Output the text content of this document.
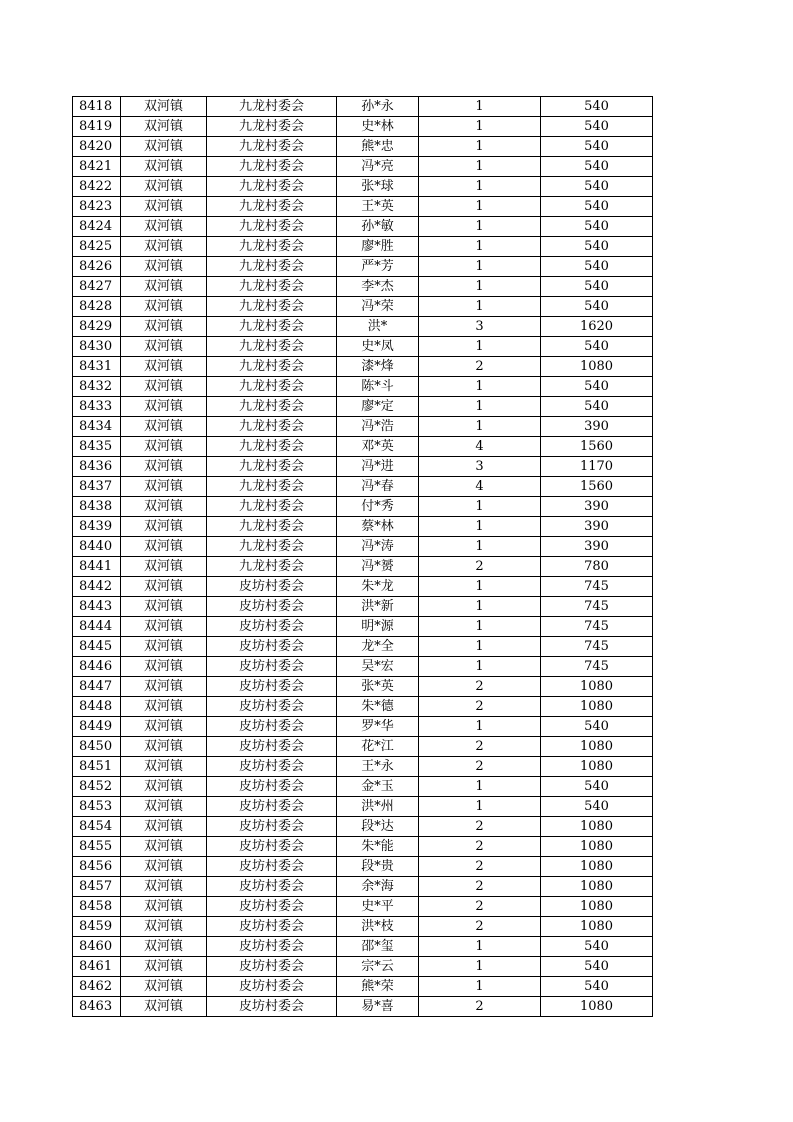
8418	双河镇	九龙村委会	孙*永	1	540
8419	双河镇	九龙村委会	史*林	1	540
8420	双河镇	九龙村委会	熊*忠	1	540
8421	双河镇	九龙村委会	冯*亮	1	540
8422	双河镇	九龙村委会	张*球	1	540
8423	双河镇	九龙村委会	王*英	1	540
8424	双河镇	九龙村委会	孙*敏	1	540
8425	双河镇	九龙村委会	廖*胜	1	540
8426	双河镇	九龙村委会	严*芳	1	540
8427	双河镇	九龙村委会	李*杰	1	540
8428	双河镇	九龙村委会	冯*荣	1	540
8429	双河镇	九龙村委会	洪*	3	1620
8430	双河镇	九龙村委会	史*凤	1	540
8431	双河镇	九龙村委会	漆*烽	2	1080
8432	双河镇	九龙村委会	陈*斗	1	540
8433	双河镇	九龙村委会	廖*定	1	540
8434	双河镇	九龙村委会	冯*浩	1	390
8435	双河镇	九龙村委会	邓*英	4	1560
8436	双河镇	九龙村委会	冯*进	3	1170
8437	双河镇	九龙村委会	冯*春	4	1560
8438	双河镇	九龙村委会	付*秀	1	390
8439	双河镇	九龙村委会	蔡*林	1	390
8440	双河镇	九龙村委会	冯*涛	1	390
8441	双河镇	九龙村委会	冯*赟	2	780
8442	双河镇	皮坊村委会	朱*龙	1	745
8443	双河镇	皮坊村委会	洪*新	1	745
8444	双河镇	皮坊村委会	明*源	1	745
8445	双河镇	皮坊村委会	龙*全	1	745
8446	双河镇	皮坊村委会	吴*宏	1	745
8447	双河镇	皮坊村委会	张*英	2	1080
8448	双河镇	皮坊村委会	朱*德	2	1080
8449	双河镇	皮坊村委会	罗*华	1	540
8450	双河镇	皮坊村委会	花*江	2	1080
8451	双河镇	皮坊村委会	王*永	2	1080
8452	双河镇	皮坊村委会	金*玉	1	540
8453	双河镇	皮坊村委会	洪*州	1	540
8454	双河镇	皮坊村委会	段*达	2	1080
8455	双河镇	皮坊村委会	朱*能	2	1080
8456	双河镇	皮坊村委会	段*贵	2	1080
8457	双河镇	皮坊村委会	余*海	2	1080
8458	双河镇	皮坊村委会	史*平	2	1080
8459	双河镇	皮坊村委会	洪*枝	2	1080
8460	双河镇	皮坊村委会	邵*玺	1	540
8461	双河镇	皮坊村委会	宗*云	1	540
8462	双河镇	皮坊村委会	熊*荣	1	540
8463	双河镇	皮坊村委会	易*喜	2	1080
